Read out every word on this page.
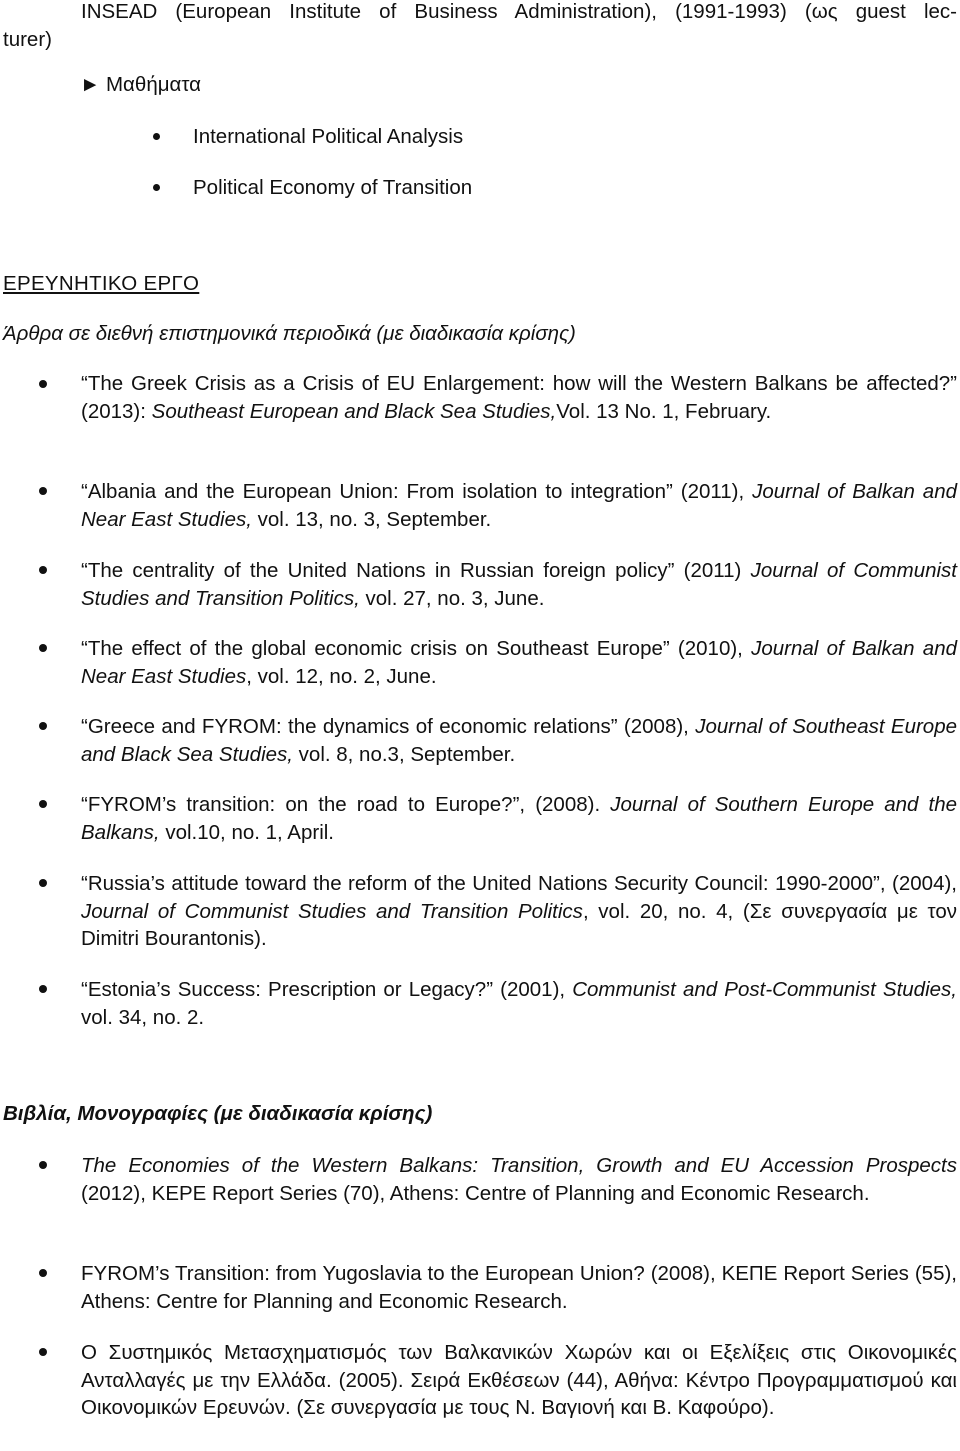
INSEAD (European Institute of Business Administration), (1991-1993) (ως guest lec-
turer)
► Μαθήματα
International Political Analysis
Political Economy of Transition
ΕΡΕΥΝΗΤΙΚΟ ΕΡΓΟ
Άρθρα σε διεθνή επιστημονικά περιοδικά (με διαδικασία κρίσης)
“The Greek Crisis as a Crisis of EU Enlargement: how will the Western Balkans be affected?” (2013): Southeast European and Black Sea Studies,Vol. 13 No. 1, February.
“Albania and the European Union: From isolation to integration” (2011), Journal of Balkan and Near East Studies, vol. 13, no. 3, September.
“The centrality of the United Nations in Russian foreign policy” (2011) Journal of Communist Studies and Transition Politics, vol. 27, no. 3, June.
“The effect of the global economic crisis on Southeast Europe” (2010), Journal of Balkan and Near East Studies, vol. 12, no. 2, June.
“Greece and FYROM: the dynamics of economic relations” (2008), Journal of Southeast Europe and Black Sea Studies, vol. 8, no.3, September.
“FYROM’s transition: on the road to Europe?”, (2008). Journal of Southern Europe and the Balkans, vol.10, no. 1, April.
“Russia’s attitude toward the reform of the United Nations Security Council: 1990-2000”, (2004), Journal of Communist Studies and Transition Politics, vol. 20, no. 4, (Σε συνεργασία με τον Dimitri Bourantonis).
“Estonia’s Success: Prescription or Legacy?” (2001), Communist and Post-Communist Studies, vol. 34, no. 2.
Βιβλία, Μονογραφίες (με διαδικασία κρίσης)
The Economies of the Western Balkans: Transition, Growth and EU Accession Prospects (2012), KEPE Report Series (70), Athens: Centre of Planning and Economic Research.
FYROM’s Transition: from Yugoslavia to the European Union? (2008), ΚΕΠΕ Report Series (55), Athens: Centre for Planning and Economic Research.
Ο Συστημικός Μετασχηματισμός των Βαλκανικών Χωρών και οι Εξελίξεις στις Οικονομικές Ανταλλαγές με την Ελλάδα. (2005). Σειρά Εκθέσεων (44), Αθήνα: Κέντρο Προγραμματισμού και Οικονομικών Ερευνών. (Σε συνεργασία με τους Ν. Βαγιονή και Β. Καφούρο).
